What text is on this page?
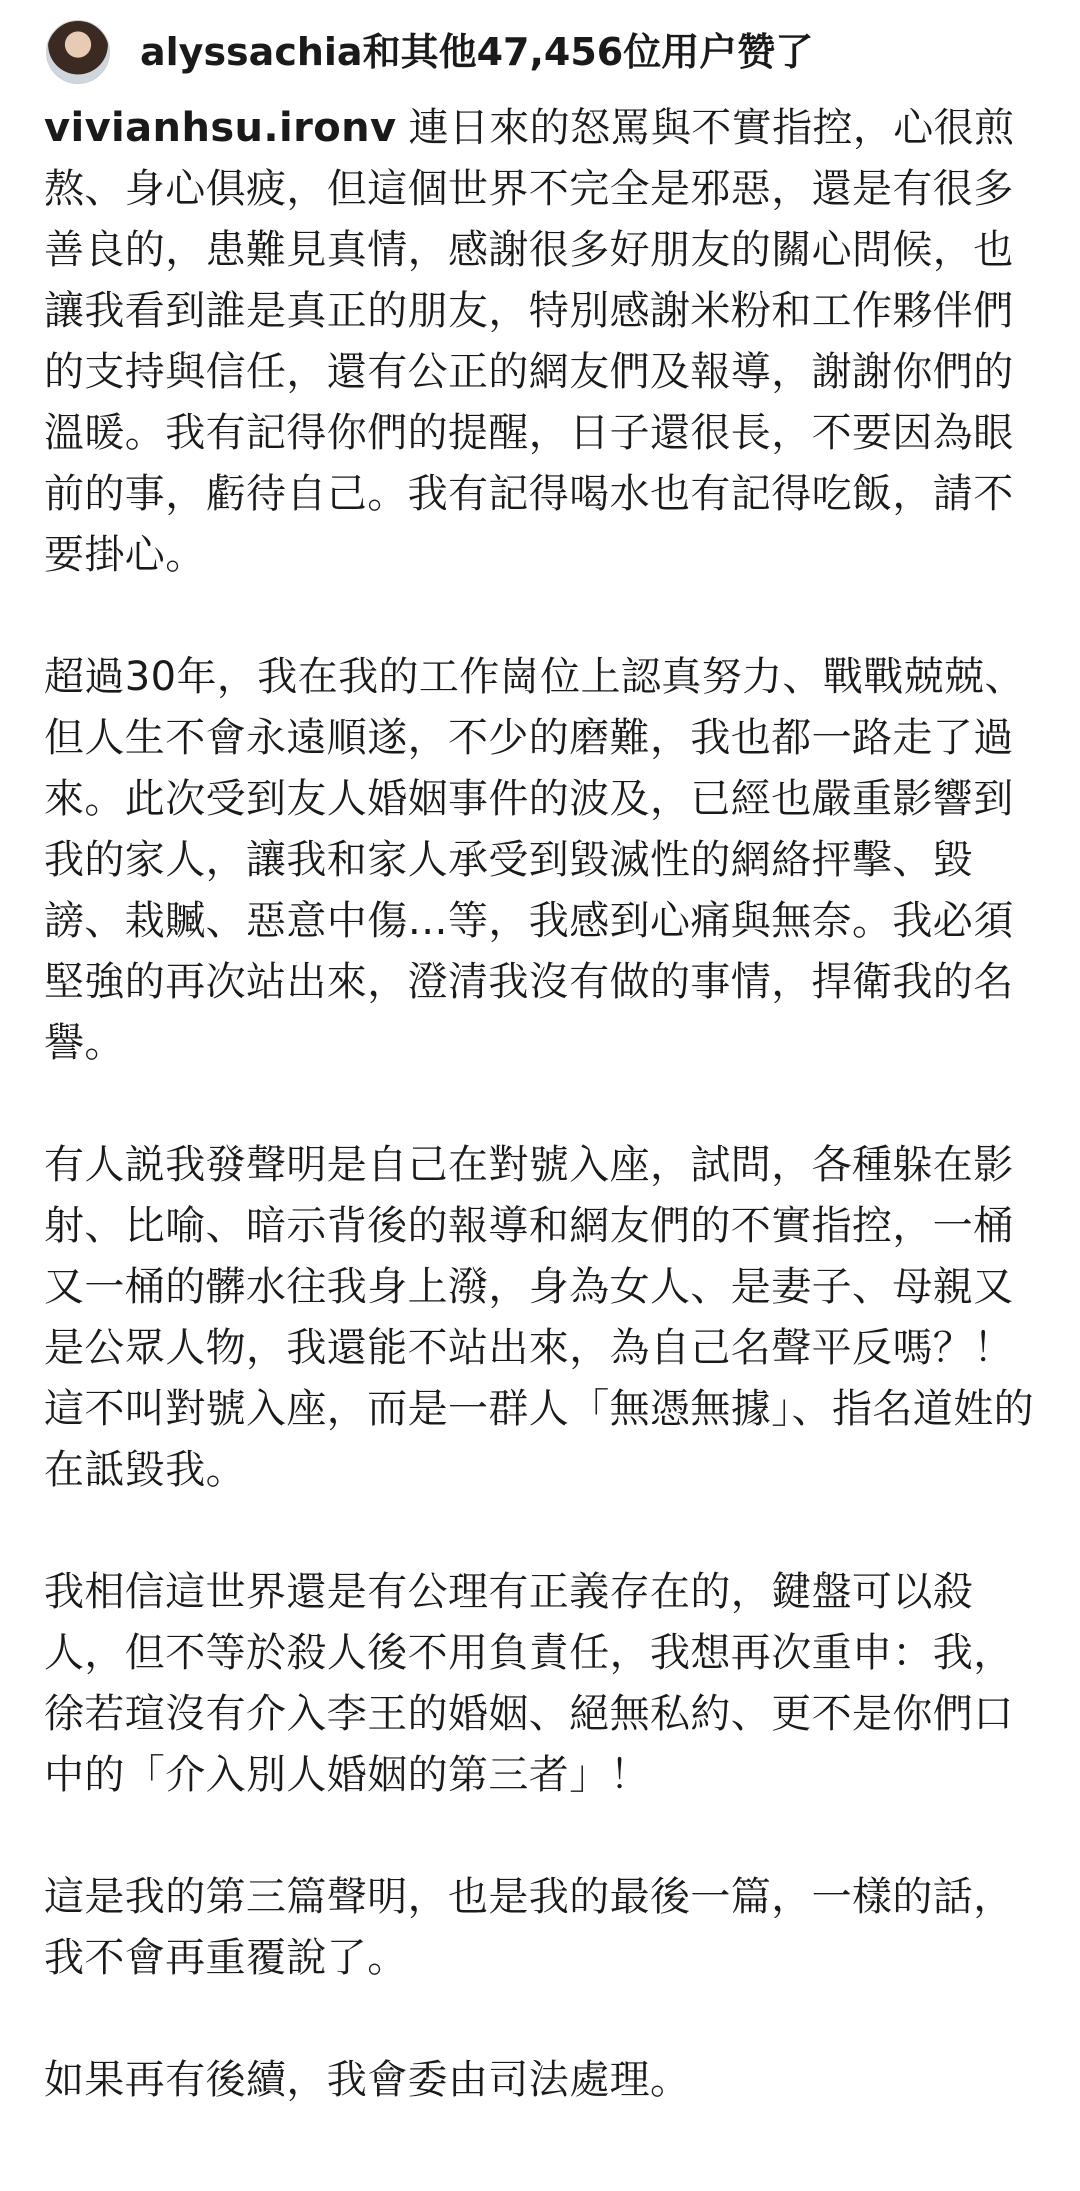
alyssachia和其他47,456位用户赞了

vivianhsu.ironv 連日來的怒罵與不實指控，心很煎熬、身心俱疲，但這個世界不完全是邪惡，還是有很多善良的，患難見真情，感謝很多好朋友的關心問候，也讓我看到誰是真正的朋友，特別感謝米粉和工作夥伴們的支持與信任，還有公正的網友們及報導，謝謝你們的溫暖。我有記得你們的提醒，日子還很長，不要因為眼前的事，虧待自己。我有記得喝水也有記得吃飯，請不要掛心。

超過30年，我在我的工作崗位上認真努力、戰戰兢兢、但人生不會永遠順遂，不少的磨難，我也都一路走了過來。此次受到友人婚姻事件的波及，已經也嚴重影響到我的家人，讓我和家人承受到毀滅性的網絡抨擊、毀謗、栽贓、惡意中傷…等，我感到心痛與無奈。我必須堅強的再次站出來，澄清我沒有做的事情，捍衛我的名譽。

有人説我發聲明是自己在對號入座，試問，各種躲在影射、比喻、暗示背後的報導和網友們的不實指控，一桶又一桶的髒水往我身上潑，身為女人、是妻子、母親又是公眾人物，我還能不站出來，為自己名聲平反嗎？！ 這不叫對號入座，而是一群人「無憑無據」、指名道姓的在詆毀我。

我相信這世界還是有公理有正義存在的，鍵盤可以殺人，但不等於殺人後不用負責任，我想再次重申：我，徐若瑄沒有介入李王的婚姻、絕無私約、更不是你們口中的「介入別人婚姻的第三者」！

這是我的第三篇聲明，也是我的最後一篇，一樣的話，我不會再重覆說了。

如果再有後續，我會委由司法處理。
